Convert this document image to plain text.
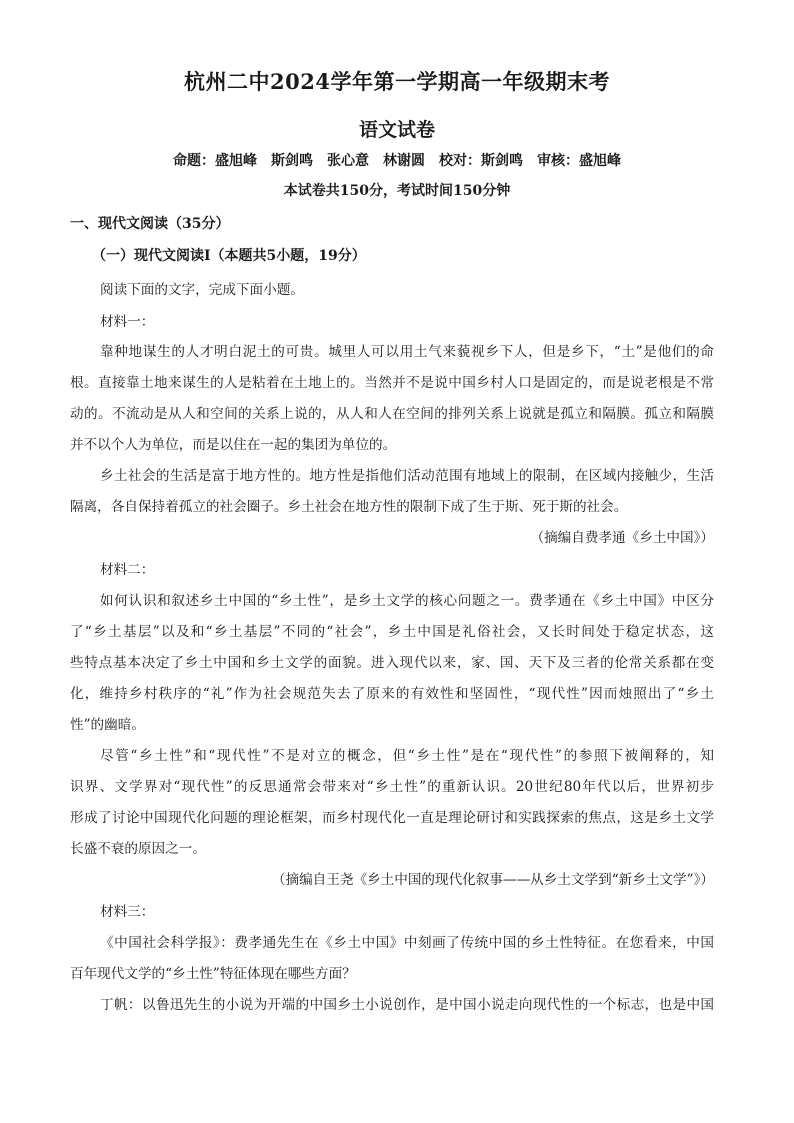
杭州二中2024学年第一学期高一年级期末考
语文试卷
命题：盛旭峰　斯剑鸣　张心意　林谢圆　校对：斯剑鸣　审核：盛旭峰
本试卷共150分，考试时间150分钟
一、现代文阅读（35分）
（一）现代文阅读Ⅰ（本题共5小题，19分）
阅读下面的文字，完成下面小题。
材料一：
靠种地谋生的人才明白泥土的可贵。城里人可以用土气来藐视乡下人，但是乡下，“土”是他们的命
根。直接靠土地来谋生的人是粘着在土地上的。当然并不是说中国乡村人口是固定的，而是说老根是不常
动的。不流动是从人和空间的关系上说的，从人和人在空间的排列关系上说就是孤立和隔膜。孤立和隔膜
并不以个人为单位，而是以住在一起的集团为单位的。
乡土社会的生活是富于地方性的。地方性是指他们活动范围有地域上的限制，在区域内接触少，生活
隔离，各自保持着孤立的社会圈子。乡土社会在地方性的限制下成了生于斯、死于斯的社会。
（摘编自费孝通《乡土中国》）
材料二：
如何认识和叙述乡土中国的“乡土性”，是乡土文学的核心问题之一。费孝通在《乡土中国》中区分
了“乡土基层”以及和“乡土基层”不同的“社会”，乡土中国是礼俗社会，又长时间处于稳定状态，这
些特点基本决定了乡土中国和乡土文学的面貌。进入现代以来，家、国、天下及三者的伦常关系都在变
化，维持乡村秩序的“礼”作为社会规范失去了原来的有效性和坚固性，“现代性”因而烛照出了“乡土
性”的幽暗。
尽管“乡土性”和“现代性”不是对立的概念，但“乡土性”是在“现代性”的参照下被阐释的，知
识界、文学界对“现代性”的反思通常会带来对“乡土性”的重新认识。20世纪80年代以后，世界初步
形成了讨论中国现代化问题的理论框架，而乡村现代化一直是理论研讨和实践探索的焦点，这是乡土文学
长盛不衰的原因之一。
（摘编自王尧《乡土中国的现代化叙事——从乡土文学到“新乡土文学”》）
材料三：
《中国社会科学报》：费孝通先生在《乡土中国》中刻画了传统中国的乡土性特征。在您看来，中国
百年现代文学的“乡土性”特征体现在哪些方面？
丁帆：以鲁迅先生的小说为开端的中国乡土小说创作，是中国小说走向现代性的一个标志，也是中国
